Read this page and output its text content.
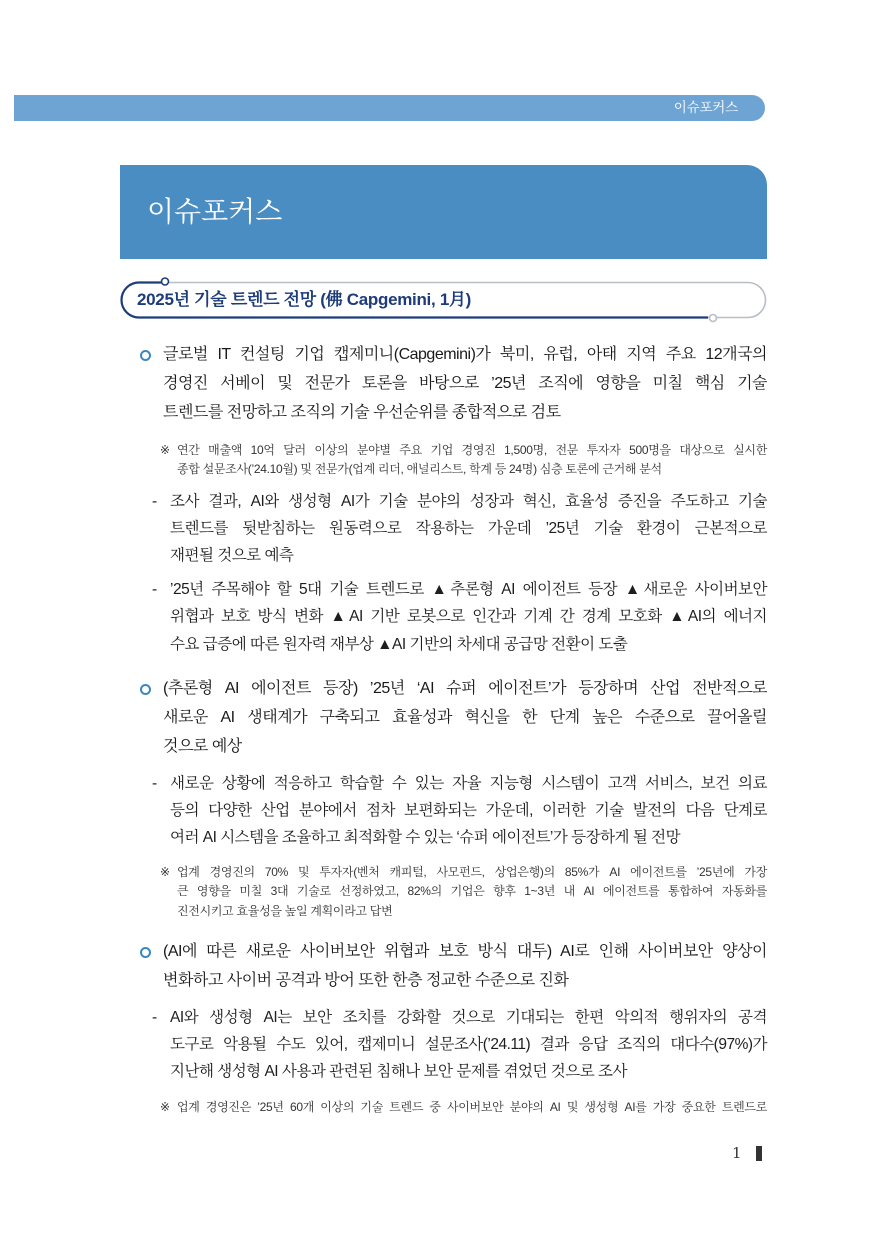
이슈포커스
이슈포커스
2025년 기술 트렌드 전망 (佛 Capgemini, 1月)
글로벌 IT 컨설팅 기업 캡제미니(Capgemini)가 북미, 유럽, 아태 지역 주요 12개국의
경영진 서베이 및 전문가 토론을 바탕으로 ’25년 조직에 영향을 미칠 핵심 기술
트렌드를 전망하고 조직의 기술 우선순위를 종합적으로 검토
※ 연간 매출액 10억 달러 이상의 분야별 주요 기업 경영진 1,500명, 전문 투자자 500명을 대상으로 실시한
종합 설문조사(’24.10월) 및 전문가(업계 리더, 애널리스트, 학계 등 24명) 심층 토론에 근거해 분석
- 조사 결과, AI와 생성형 AI가 기술 분야의 성장과 혁신, 효율성 증진을 주도하고 기술
트렌드를 뒷받침하는 원동력으로 작용하는 가운데 ’25년 기술 환경이 근본적으로
재편될 것으로 예측
- ’25년 주목해야 할 5대 기술 트렌드로 ▲추론형 AI 에이전트 등장 ▲새로운 사이버보안
위협과 보호 방식 변화 ▲AI 기반 로봇으로 인간과 기계 간 경계 모호화 ▲AI의 에너지
수요 급증에 따른 원자력 재부상 ▲AI 기반의 차세대 공급망 전환이 도출
(추론형 AI 에이전트 등장) ’25년 ‘AI 슈퍼 에이전트’가 등장하며 산업 전반적으로
새로운 AI 생태계가 구축되고 효율성과 혁신을 한 단계 높은 수준으로 끌어올릴
것으로 예상
- 새로운 상황에 적응하고 학습할 수 있는 자율 지능형 시스템이 고객 서비스, 보건 의료
등의 다양한 산업 분야에서 점차 보편화되는 가운데, 이러한 기술 발전의 다음 단계로
여러 AI 시스템을 조율하고 최적화할 수 있는 ‘슈퍼 에이전트’가 등장하게 될 전망
※ 업계 경영진의 70% 및 투자자(벤처 캐피털, 사모펀드, 상업은행)의 85%가 AI 에이전트를 ’25년에 가장
큰 영향을 미칠 3대 기술로 선정하였고, 82%의 기업은 향후 1~3년 내 AI 에이전트를 통합하여 자동화를
진전시키고 효율성을 높일 계획이라고 답변
(AI에 따른 새로운 사이버보안 위협과 보호 방식 대두) AI로 인해 사이버보안 양상이
변화하고 사이버 공격과 방어 또한 한층 정교한 수준으로 진화
- AI와 생성형 AI는 보안 조치를 강화할 것으로 기대되는 한편 악의적 행위자의 공격
도구로 악용될 수도 있어, 캡제미니 설문조사(’24.11) 결과 응답 조직의 대다수(97%)가
지난해 생성형 AI 사용과 관련된 침해나 보안 문제를 겪었던 것으로 조사
※ 업계 경영진은 ’25년 60개 이상의 기술 트렌드 중 사이버보안 분야의 AI 및 생성형 AI를 가장 중요한 트렌드로
1
